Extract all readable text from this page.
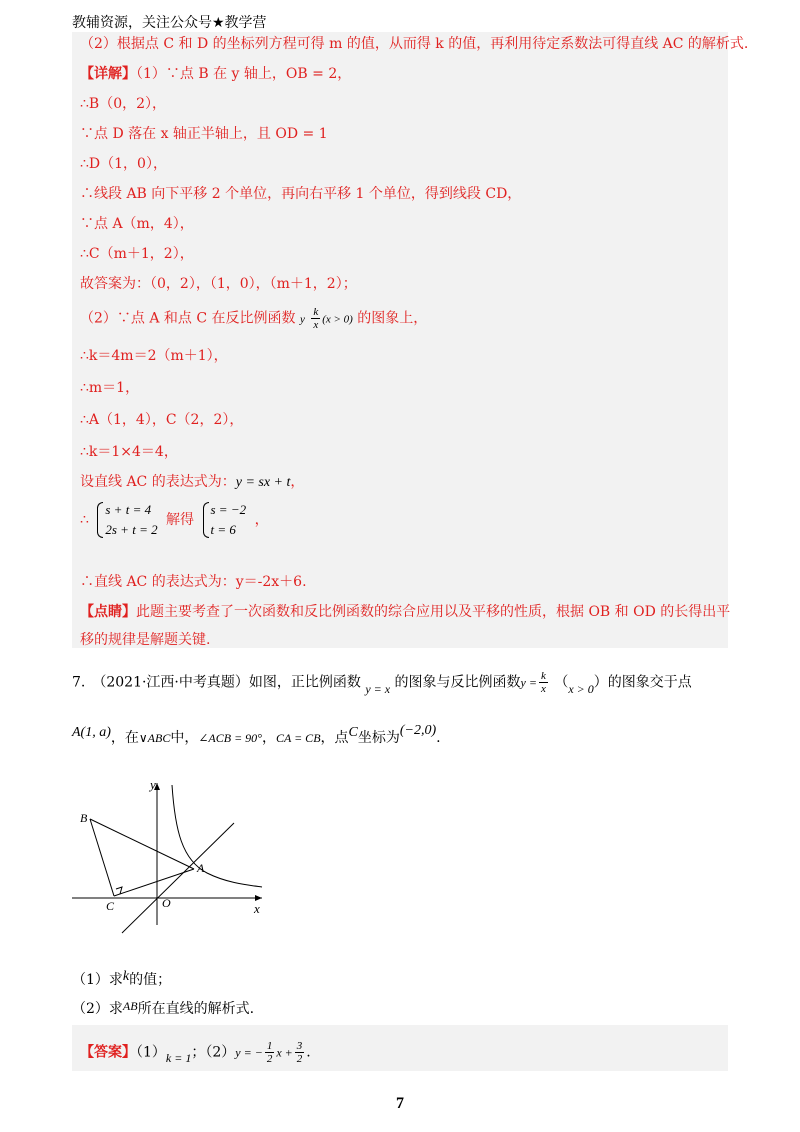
教辅资源，关注公众号★教学营
（2）根据点 C 和 D 的坐标列方程可得 m 的值，从而得 k 的值，再利用待定系数法可得直线 AC 的解析式.
【详解】（1）∵点 B 在 y 轴上，OB = 2，
∴B（0，2），
∵点 D 落在 x 轴正半轴上，且 OD = 1
∴D（1，0），
∴线段 AB 向下平移 2 个单位，再向右平移 1 个单位，得到线段 CD，
∵点 A（m，4），
∴C（m＋1，2），
故答案为：（0，2），（1，0），（m＋1，2）；
（2）∵点 A 和点 C 在反比例函数 y $\frac{k}{x} (x > 0)$ 的图象上，
∴k＝4m＝2（m＋1），
∴m＝1，
∴A（1，4），C（2，2），
∴k＝1×4＝4，
设直线 AC 的表达式为：y = sx + t，
∴
s + t = 4
2s + t = 2
解得
s = −2
t = 6
，
∴直线 AC 的表达式为：y＝-2x＋6.
【点睛】此题主要考查了一次函数和反比例函数的综合应用以及平移的性质，根据 OB 和 OD 的长得出平
移的规律是解题关键.
7.　（2021·江西·中考真题）如图，正比例函数 y = x 的图象与反比例函数$y = \frac{k}{x} (x > 0)$的图象交于点
A(1, a)，在∨ABC中，∠ACB = 90°，CA = CB，点C坐标为(−2,0).
y
x
O
A
B
C
（1）求k的值；
（2）求AB所在直线的解析式.
【答案】（1）k = 1；（2）y = − $\frac{1}{2}$ $x + \frac{3}{2}$ .
7
